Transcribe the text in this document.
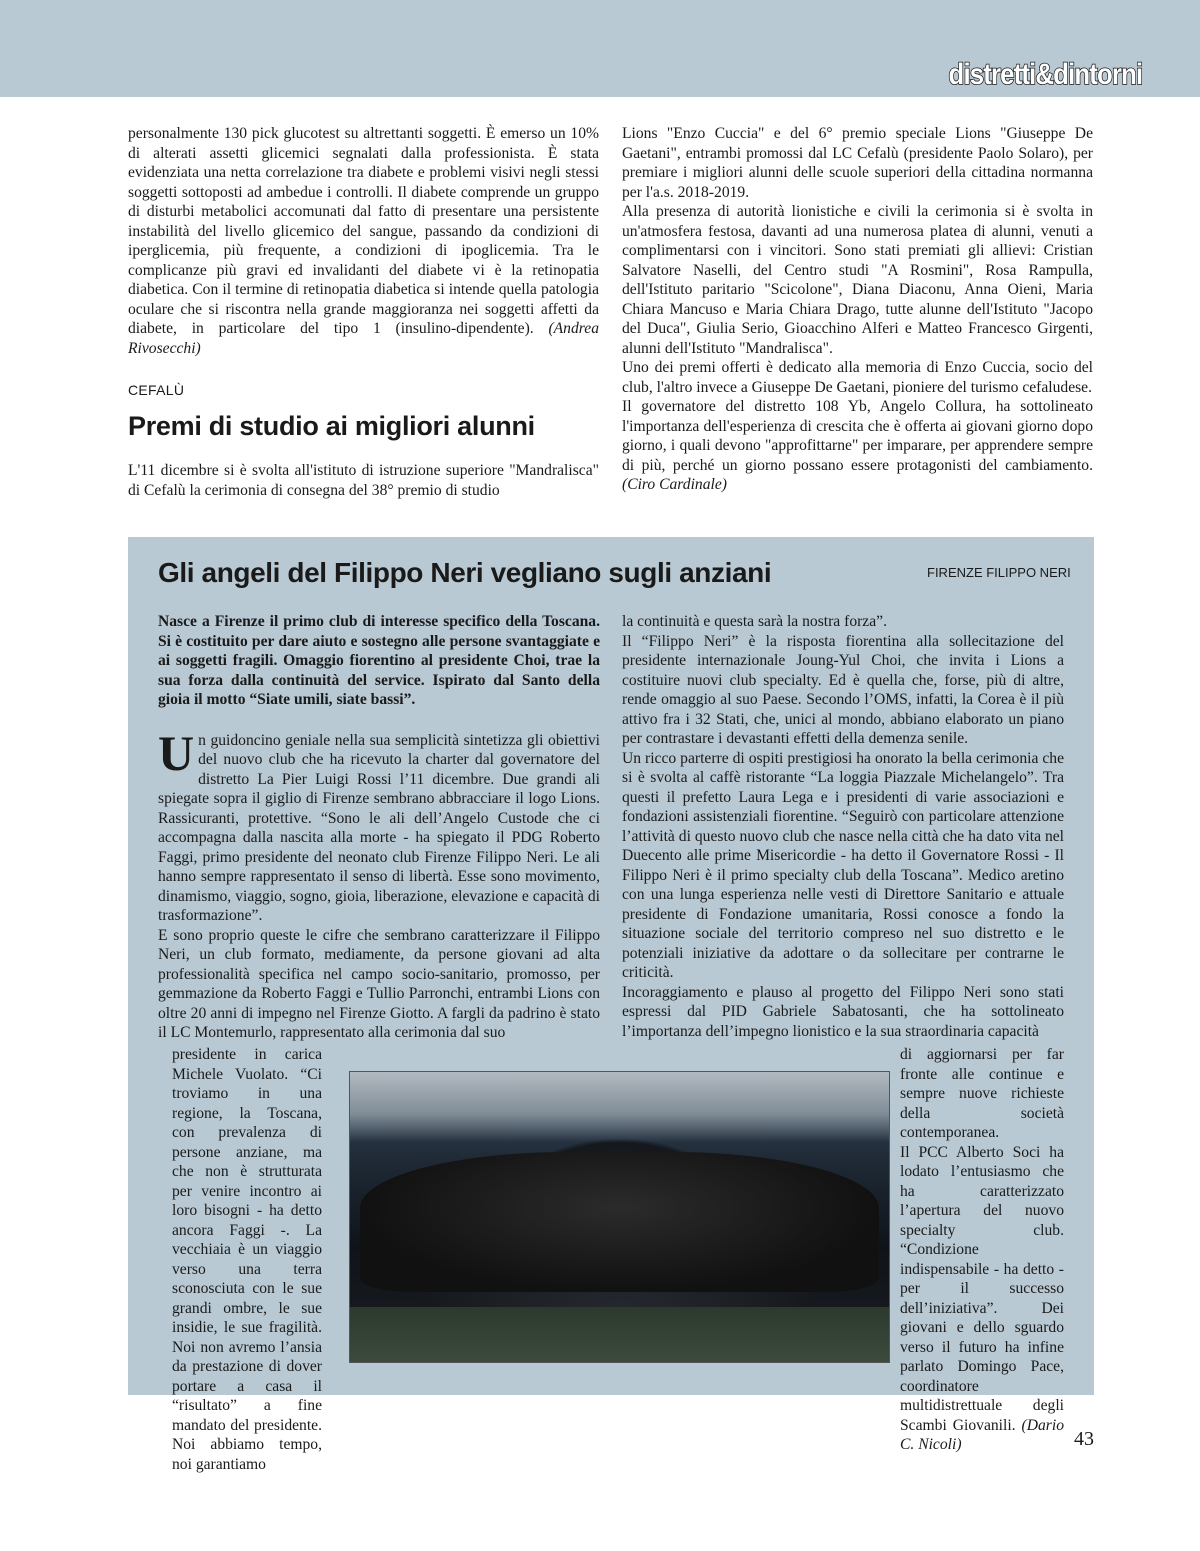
distretti&dintorni

personalmente 130 pick glucotest su altrettanti soggetti. È emerso un 10% di alterati assetti glicemici segnalati dalla professionista. È stata evidenziata una netta correlazione tra diabete e problemi visivi negli stessi soggetti sottoposti ad ambedue i controlli. Il diabete comprende un gruppo di disturbi metabolici accomunati dal fatto di presentare una persistente instabilità del livello glicemico del sangue, passando da condizioni di iperglicemia, più frequente, a condizioni di ipoglicemia. Tra le complicanze più gravi ed invalidanti del diabete vi è la retinopatia diabetica. Con il termine di retinopatia diabetica si intende quella patologia oculare che si riscontra nella grande maggioranza nei soggetti affetti da diabete, in particolare del tipo 1 (insulino-dipendente). (Andrea Rivosecchi)

CEFALÙ
Premi di studio ai migliori alunni

L'11 dicembre si è svolta all'istituto di istruzione superiore "Mandralisca" di Cefalù la cerimonia di consegna del 38° premio di studio

Lions "Enzo Cuccia" e del 6° premio speciale Lions "Giuseppe De Gaetani", entrambi promossi dal LC Cefalù (presidente Paolo Solaro), per premiare i migliori alunni delle scuole superiori della cittadina normanna per l'a.s. 2018-2019.

Alla presenza di autorità lionistiche e civili la cerimonia si è svolta in un'atmosfera festosa, davanti ad una numerosa platea di alunni, venuti a complimentarsi con i vincitori. Sono stati premiati gli allievi: Cristian Salvatore Naselli, del Centro studi "A Rosmini", Rosa Rampulla, dell'Istituto paritario "Scicolone", Diana Diaconu, Anna Oieni, Maria Chiara Mancuso e Maria Chiara Drago, tutte alunne dell'Istituto "Jacopo del Duca", Giulia Serio, Gioacchino Alferi e Matteo Francesco Girgenti, alunni dell'Istituto "Mandralisca".

Uno dei premi offerti è dedicato alla memoria di Enzo Cuccia, socio del club, l'altro invece a Giuseppe De Gaetani, pioniere del turismo cefaludese.

Il governatore del distretto 108 Yb, Angelo Collura, ha sottolineato l'importanza dell'esperienza di crescita che è offerta ai giovani giorno dopo giorno, i quali devono "approfittarne" per imparare, per apprendere sempre di più, perché un giorno possano essere protagonisti del cambiamento. (Ciro Cardinale)

Gli angeli del Filippo Neri vegliano sugli anziani	FIRENZE FILIPPO NERI

Nasce a Firenze il primo club di interesse specifico della Toscana. Si è costituito per dare aiuto e sostegno alle persone svantaggiate e ai soggetti fragili. Omaggio fiorentino al presidente Choi, trae la sua forza dalla continuità del service. Ispirato dal Santo della gioia il motto “Siate umili, siate bassi”.

Un guidoncino geniale nella sua semplicità sintetizza gli obiettivi del nuovo club che ha ricevuto la charter dal governatore del distretto La Pier Luigi Rossi l’11 dicembre. Due grandi ali spiegate sopra il giglio di Firenze sembrano abbracciare il logo Lions. Rassicuranti, protettive. “Sono le ali dell’Angelo Custode che ci accompagna dalla nascita alla morte - ha spiegato il PDG Roberto Faggi, primo presidente del neonato club Firenze Filippo Neri. Le ali hanno sempre rappresentato il senso di libertà. Esse sono movimento, dinamismo, viaggio, sogno, gioia, liberazione, elevazione e capacità di trasformazione”.

E sono proprio queste le cifre che sembrano caratterizzare il Filippo Neri, un club formato, mediamente, da persone giovani ad alta professionalità specifica nel campo socio-sanitario, promosso, per gemmazione da Roberto Faggi e Tullio Parronchi, entrambi Lions con oltre 20 anni di impegno nel Firenze Giotto. A fargli da padrino è stato il LC Montemurlo, rappresentato alla cerimonia dal suo

presidente in carica Michele Vuolato. “Ci troviamo in una regione, la Toscana, con prevalenza di persone anziane, ma che non è strutturata per venire incontro ai loro bisogni - ha detto ancora Faggi -. La vecchiaia è un viaggio verso una terra sconosciuta con le sue grandi ombre, le sue insidie, le sue fragilità. Noi non avremo l’ansia da prestazione di dover portare a casa il “risultato” a fine mandato del presidente. Noi abbiamo tempo, noi garantiamo

la continuità e questa sarà la nostra forza”.

Il “Filippo Neri” è la risposta fiorentina alla sollecitazione del presidente internazionale Joung-Yul Choi, che invita i Lions a costituire nuovi club specialty. Ed è quella che, forse, più di altre, rende omaggio al suo Paese. Secondo l’OMS, infatti, la Corea è il più attivo fra i 32 Stati, che, unici al mondo, abbiano elaborato un piano per contrastare i devastanti effetti della demenza senile.

Un ricco parterre di ospiti prestigiosi ha onorato la bella cerimonia che si è svolta al caffè ristorante “La loggia Piazzale Michelangelo”. Tra questi il prefetto Laura Lega e i presidenti di varie associazioni e fondazioni assistenziali fiorentine. “Seguirò con particolare attenzione l’attività di questo nuovo club che nasce nella città che ha dato vita nel Duecento alle prime Misericordie - ha detto il Governatore Rossi - Il Filippo Neri è il primo specialty club della Toscana”. Medico aretino con una lunga esperienza nelle vesti di Direttore Sanitario e attuale presidente di Fondazione umanitaria, Rossi conosce a fondo la situazione sociale del territorio compreso nel suo distretto e le potenziali iniziative da adottare o da sollecitare per contrarne le criticità.

Incoraggiamento e plauso al progetto del Filippo Neri sono stati espressi dal PID Gabriele Sabatosanti, che ha sottolineato l’importanza dell’impegno lionistico e la sua straordinaria capacità

di aggiornarsi per far fronte alle continue e sempre nuove richieste della società contemporanea.

Il PCC Alberto Soci ha lodato l’entusiasmo che ha caratterizzato l’apertura del nuovo specialty club. “Condizione indispensabile - ha detto - per il successo dell’iniziativa”. Dei giovani e dello sguardo verso il futuro ha infine parlato Domingo Pace, coordinatore multidistrettuale degli Scambi Giovanili. (Dario C. Nicoli)	43
